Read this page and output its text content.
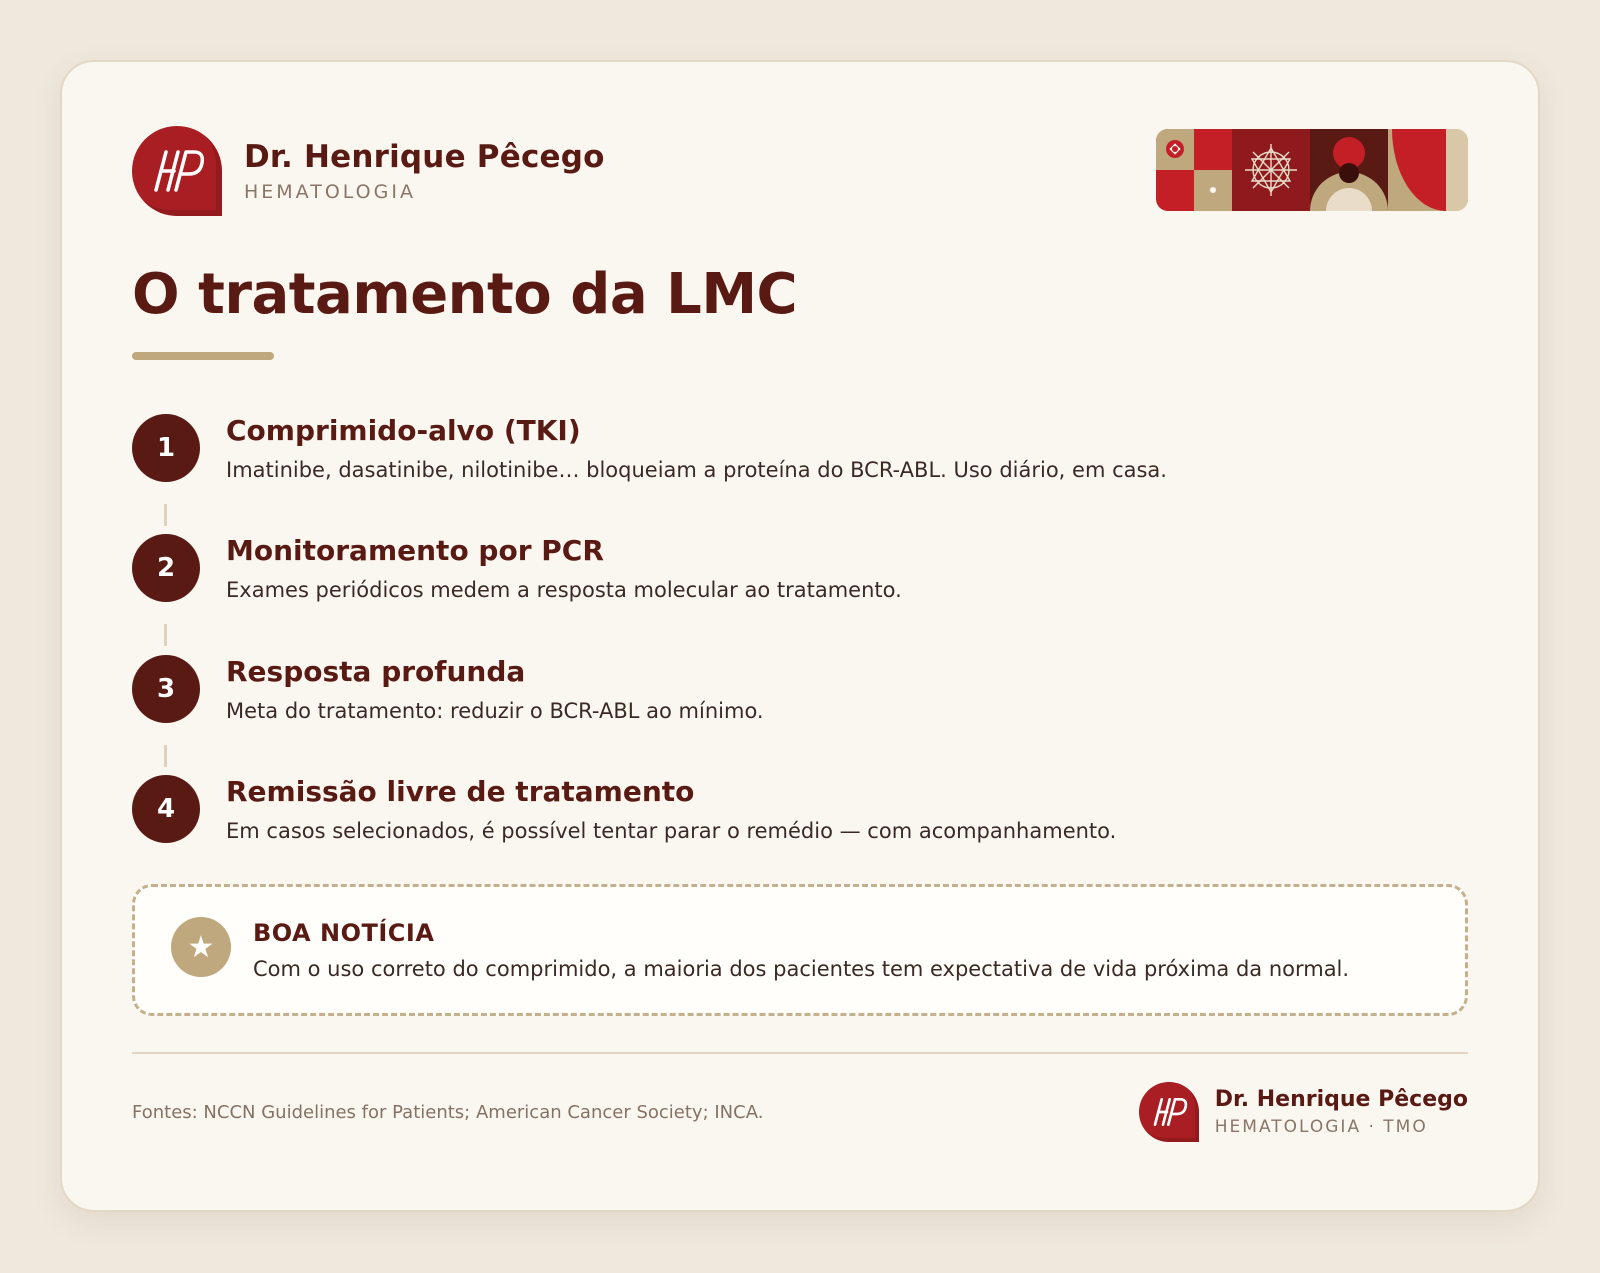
Dr. Henrique Pêcego
HEMATOLOGIA
O tratamento da LMC
1
Comprimido-alvo (TKI)
Imatinibe, dasatinibe, nilotinibe… bloqueiam a proteína do BCR-ABL. Uso diário, em casa.
2
Monitoramento por PCR
Exames periódicos medem a resposta molecular ao tratamento.
3
Resposta profunda
Meta do tratamento: reduzir o BCR-ABL ao mínimo.
4
Remissão livre de tratamento
Em casos selecionados, é possível tentar parar o remédio — com acompanhamento.
★	BOA NOTÍCIA
Com o uso correto do comprimido, a maioria dos pacientes tem expectativa de vida próxima da normal.
Fontes: NCCN Guidelines for Patients; American Cancer Society; INCA.
Dr. Henrique Pêcego
HEMATOLOGIA · TMO
